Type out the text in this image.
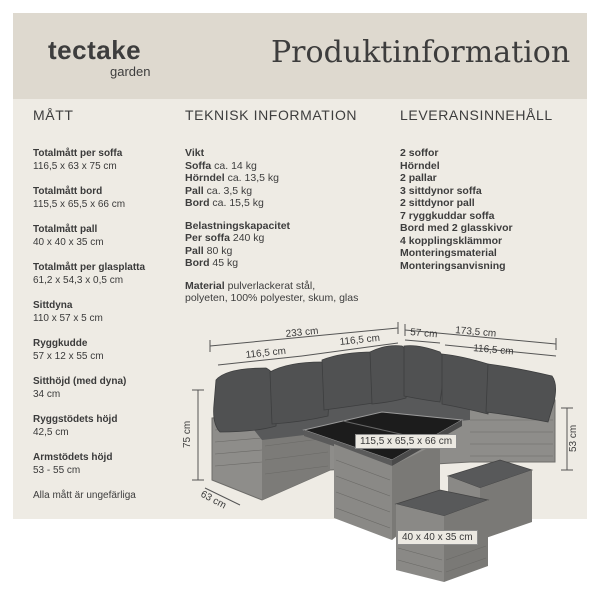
tectake
garden
Produktinformation
MÅTT	TEKNISK INFORMATION	LEVERANSINNEHÅLL
Totalmått per soffa
116,5 x 63 x 75 cm
Totalmått bord
115,5 x 65,5 x 66 cm
Totalmått pall
40 x 40 x 35 cm
Totalmått per glasplatta
61,2 x 54,3 x 0,5 cm
Sittdyna
110 x 57 x 5 cm
Ryggkudde
57 x 12 x 55 cm
Sitthöjd (med dyna)
34 cm
Ryggstödets höjd
42,5 cm
Armstödets höjd
53 - 55 cm
Alla mått är ungefärliga
Vikt
Soffa ca. 14 kg
Hörndel ca. 13,5 kg
Pall ca. 3,5 kg
Bord ca. 15,5 kg
Belastningskapacitet
Per soffa 240 kg
Pall 80 kg
Bord 45 kg
Material pulverlackerat stål,
polyeten, 100% polyester, skum, glas
2 soffor
Hörndel
2 pallar
3 sittdynor soffa
2 sittdynor pall
7 ryggkuddar soffa
Bord med 2 glasskivor
4 kopplingsklämmor
Monteringsmaterial
Monteringsanvisning
233 cm
116,5 cm
116,5 cm
173,5 cm
57 cm
116,5 cm
75 cm
63 cm
53 cm
115,5 x 65,5 x 66 cm
40 x 40 x 35 cm
